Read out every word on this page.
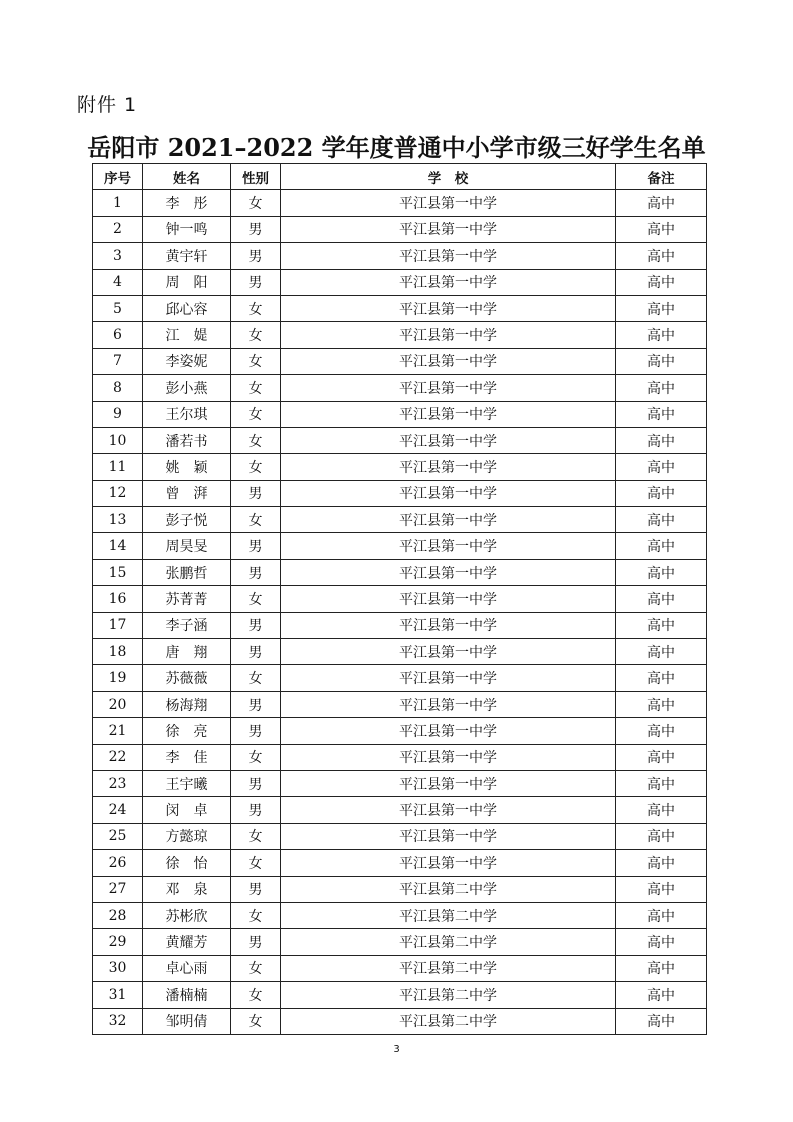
附件 1
岳阳市 2021–2022 学年度普通中小学市级三好学生名单
序号	姓名	性别	学　校	备注
1	李　彤	女	平江县第一中学	高中
2	钟一鸣	男	平江县第一中学	高中
3	黄宇轩	男	平江县第一中学	高中
4	周　阳	男	平江县第一中学	高中
5	邱心容	女	平江县第一中学	高中
6	江　媞	女	平江县第一中学	高中
7	李姿妮	女	平江县第一中学	高中
8	彭小燕	女	平江县第一中学	高中
9	王尔琪	女	平江县第一中学	高中
10	潘若书	女	平江县第一中学	高中
11	姚　颖	女	平江县第一中学	高中
12	曾　湃	男	平江县第一中学	高中
13	彭子悦	女	平江县第一中学	高中
14	周昊旻	男	平江县第一中学	高中
15	张鹏哲	男	平江县第一中学	高中
16	苏菁菁	女	平江县第一中学	高中
17	李子涵	男	平江县第一中学	高中
18	唐　翔	男	平江县第一中学	高中
19	苏薇薇	女	平江县第一中学	高中
20	杨海翔	男	平江县第一中学	高中
21	徐　亮	男	平江县第一中学	高中
22	李　佳	女	平江县第一中学	高中
23	王宇曦	男	平江县第一中学	高中
24	闵　卓	男	平江县第一中学	高中
25	方懿琼	女	平江县第一中学	高中
26	徐　怡	女	平江县第一中学	高中
27	邓　泉	男	平江县第二中学	高中
28	苏彬欣	女	平江县第二中学	高中
29	黄耀芳	男	平江县第二中学	高中
30	卓心雨	女	平江县第二中学	高中
31	潘楠楠	女	平江县第二中学	高中
32	邹明倩	女	平江县第二中学	高中
3
